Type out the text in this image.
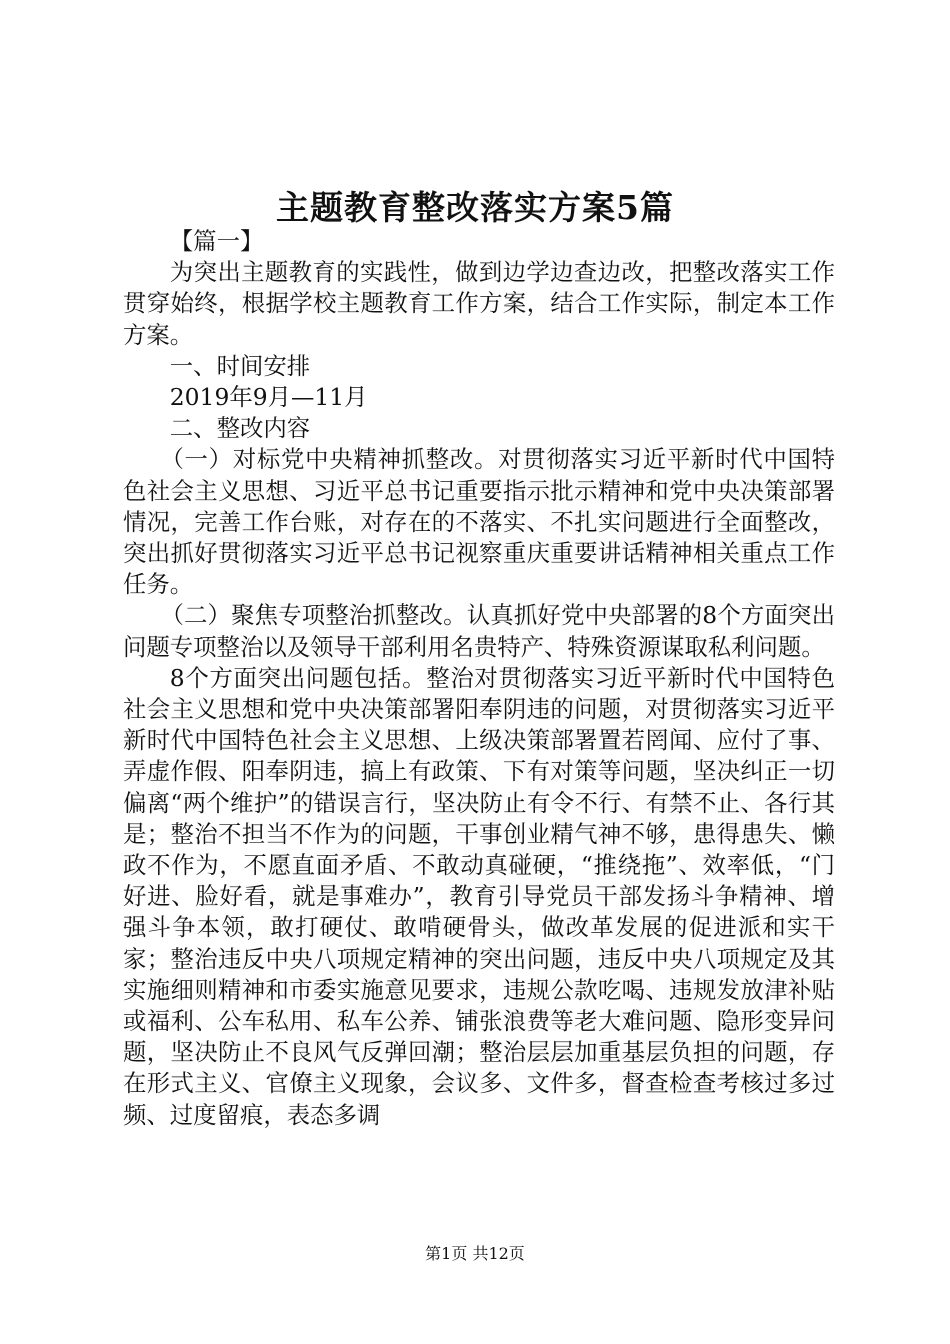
主题教育整改落实方案5篇

【篇一】

为突出主题教育的实践性，做到边学边查边改，把整改落实工作贯穿始终，根据学校主题教育工作方案，结合工作实际，制定本工作方案。

一、时间安排

2019年9月—11月

二、整改内容

（一）对标党中央精神抓整改。对贯彻落实习近平新时代中国特色社会主义思想、习近平总书记重要指示批示精神和党中央决策部署情况，完善工作台账，对存在的不落实、不扎实问题进行全面整改，突出抓好贯彻落实习近平总书记视察重庆重要讲话精神相关重点工作任务。

（二）聚焦专项整治抓整改。认真抓好党中央部署的8个方面突出问题专项整治以及领导干部利用名贵特产、特殊资源谋取私利问题。

8个方面突出问题包括。整治对贯彻落实习近平新时代中国特色社会主义思想和党中央决策部署阳奉阴违的问题，对贯彻落实习近平新时代中国特色社会主义思想、上级决策部署置若罔闻、应付了事、弄虚作假、阳奉阴违，搞上有政策、下有对策等问题，坚决纠正一切偏离“两个维护”的错误言行，坚决防止有令不行、有禁不止、各行其是；整治不担当不作为的问题，干事创业精气神不够，患得患失、懒政不作为，不愿直面矛盾、不敢动真碰硬，“推绕拖”、效率低，“门好进、脸好看，就是事难办”，教育引导党员干部发扬斗争精神、增强斗争本领，敢打硬仗、敢啃硬骨头，做改革发展的促进派和实干家；整治违反中央八项规定精神的突出问题，违反中央八项规定及其实施细则精神和市委实施意见要求，违规公款吃喝、违规发放津补贴或福利、公车私用、私车公养、铺张浪费等老大难问题、隐形变异问题，坚决防止不良风气反弹回潮；整治层层加重基层负担的问题，存在形式主义、官僚主义现象，会议多、文件多，督查检查考核过多过频、过度留痕，表态多调

第1页 共12页
